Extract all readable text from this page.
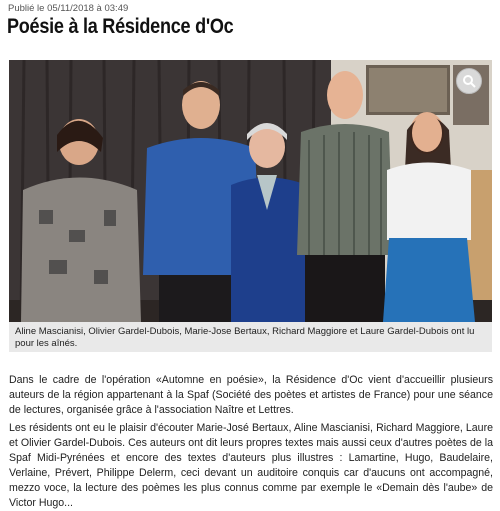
Publié le 05/11/2018 à 03:49
Poésie à la Résidence d'Oc
Aline Mascianisi, Olivier Gardel-Dubois, Marie-Jose Bertaux, Richard Maggiore et Laure Gardel-Dubois ont lu pour les aînés.

Dans le cadre de l'opération «Automne en poésie», la Résidence d'Oc vient d'accueillir plusieurs auteurs de la région appartenant à la Spaf (Société des poètes et artistes de France) pour une séance de lectures, organisée grâce à l'association Naître et Lettres.

Les résidents ont eu le plaisir d'écouter Marie-José Bertaux, Aline Mascianisi, Richard Maggiore, Laure et Olivier Gardel-Dubois. Ces auteurs ont dit leurs propres textes mais aussi ceux d'autres poètes de la Spaf Midi-Pyrénées et encore des textes d'auteurs plus illustres : Lamartine, Hugo, Baudelaire, Verlaine, Prévert, Philippe Delerm, ceci devant un auditoire conquis car d'aucuns ont accompagné, mezzo voce, la lecture des poèmes les plus connus comme par exemple le «Demain dès l'aube» de Victor Hugo...
